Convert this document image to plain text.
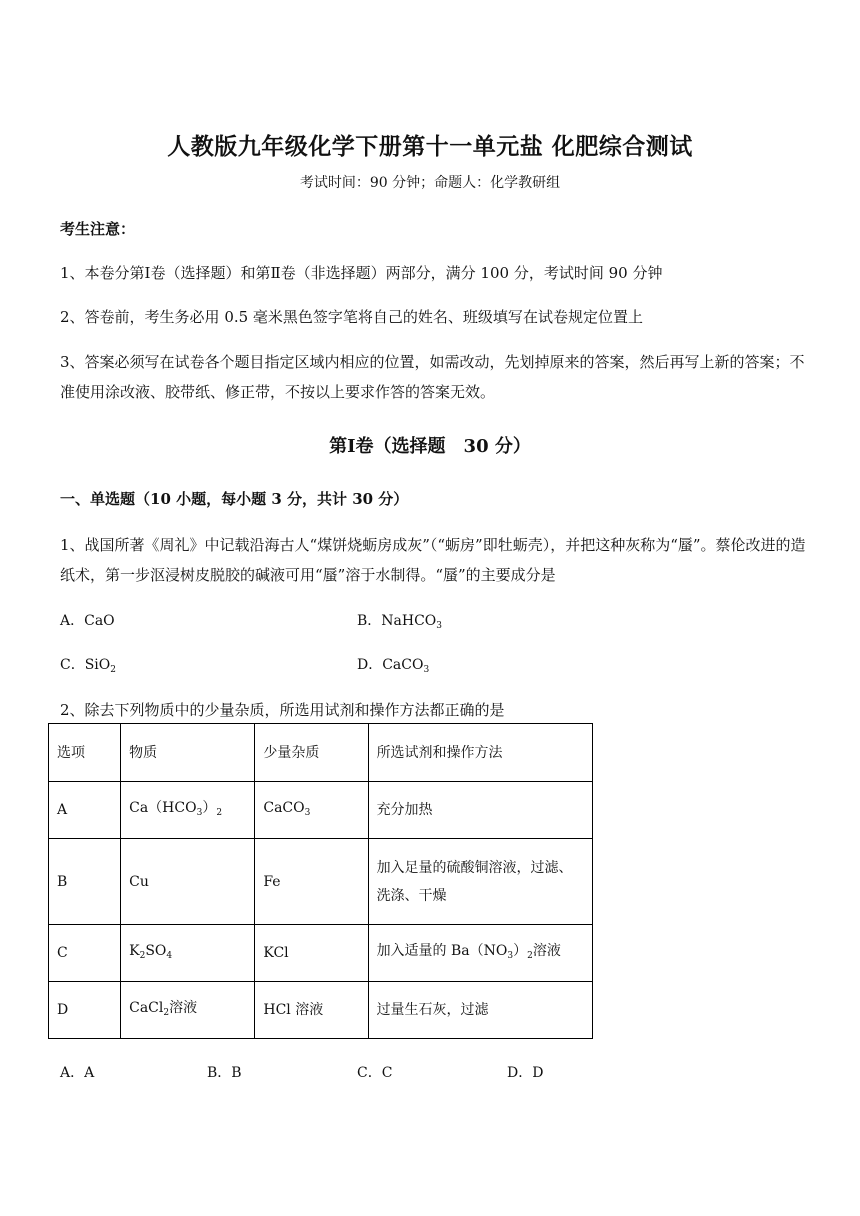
人教版九年级化学下册第十一单元盐 化肥综合测试
考试时间：90 分钟；命题人：化学教研组
考生注意：
1、本卷分第Ⅰ卷（选择题）和第Ⅱ卷（非选择题）两部分，满分 100 分，考试时间 90 分钟
2、答卷前，考生务必用 0.5 毫米黑色签字笔将自己的姓名、班级填写在试卷规定位置上
3、答案必须写在试卷各个题目指定区域内相应的位置，如需改动，先划掉原来的答案，然后再写上新的答案；不准使用涂改液、胶带纸、修正带，不按以上要求作答的答案无效。
第Ⅰ卷（选择题　30 分）
一、单选题（10 小题，每小题 3 分，共计 30 分）
1、战国所著《周礼》中记载沿海古人“煤饼烧蛎房成灰”（“蛎房”即牡蛎壳），并把这种灰称为“蜃”。蔡伦改进的造纸术，第一步沤浸树皮脱胶的碱液可用“蜃”溶于水制得。“蜃”的主要成分是
A．CaO	B．NaHCO$_3$
C．SiO$_2$	D．CaCO$_3$
2、除去下列物质中的少量杂质，所选用试剂和操作方法都正确的是
选项	物质	少量杂质	所选试剂和操作方法
A	$Ca(HCO_3)_2$	CaCO$_3$	充分加热
B	Cu	Fe	加入足量的硫酸铜溶液，过滤、洗涤、干燥
C	$K_2SO_4$	KCl	加入适量的 $Ba(NO_3)_2$溶液
D	CaCl$_2$溶液	HCl 溶液	过量生石灰，过滤
A．A	B．B	C．C	D．D
